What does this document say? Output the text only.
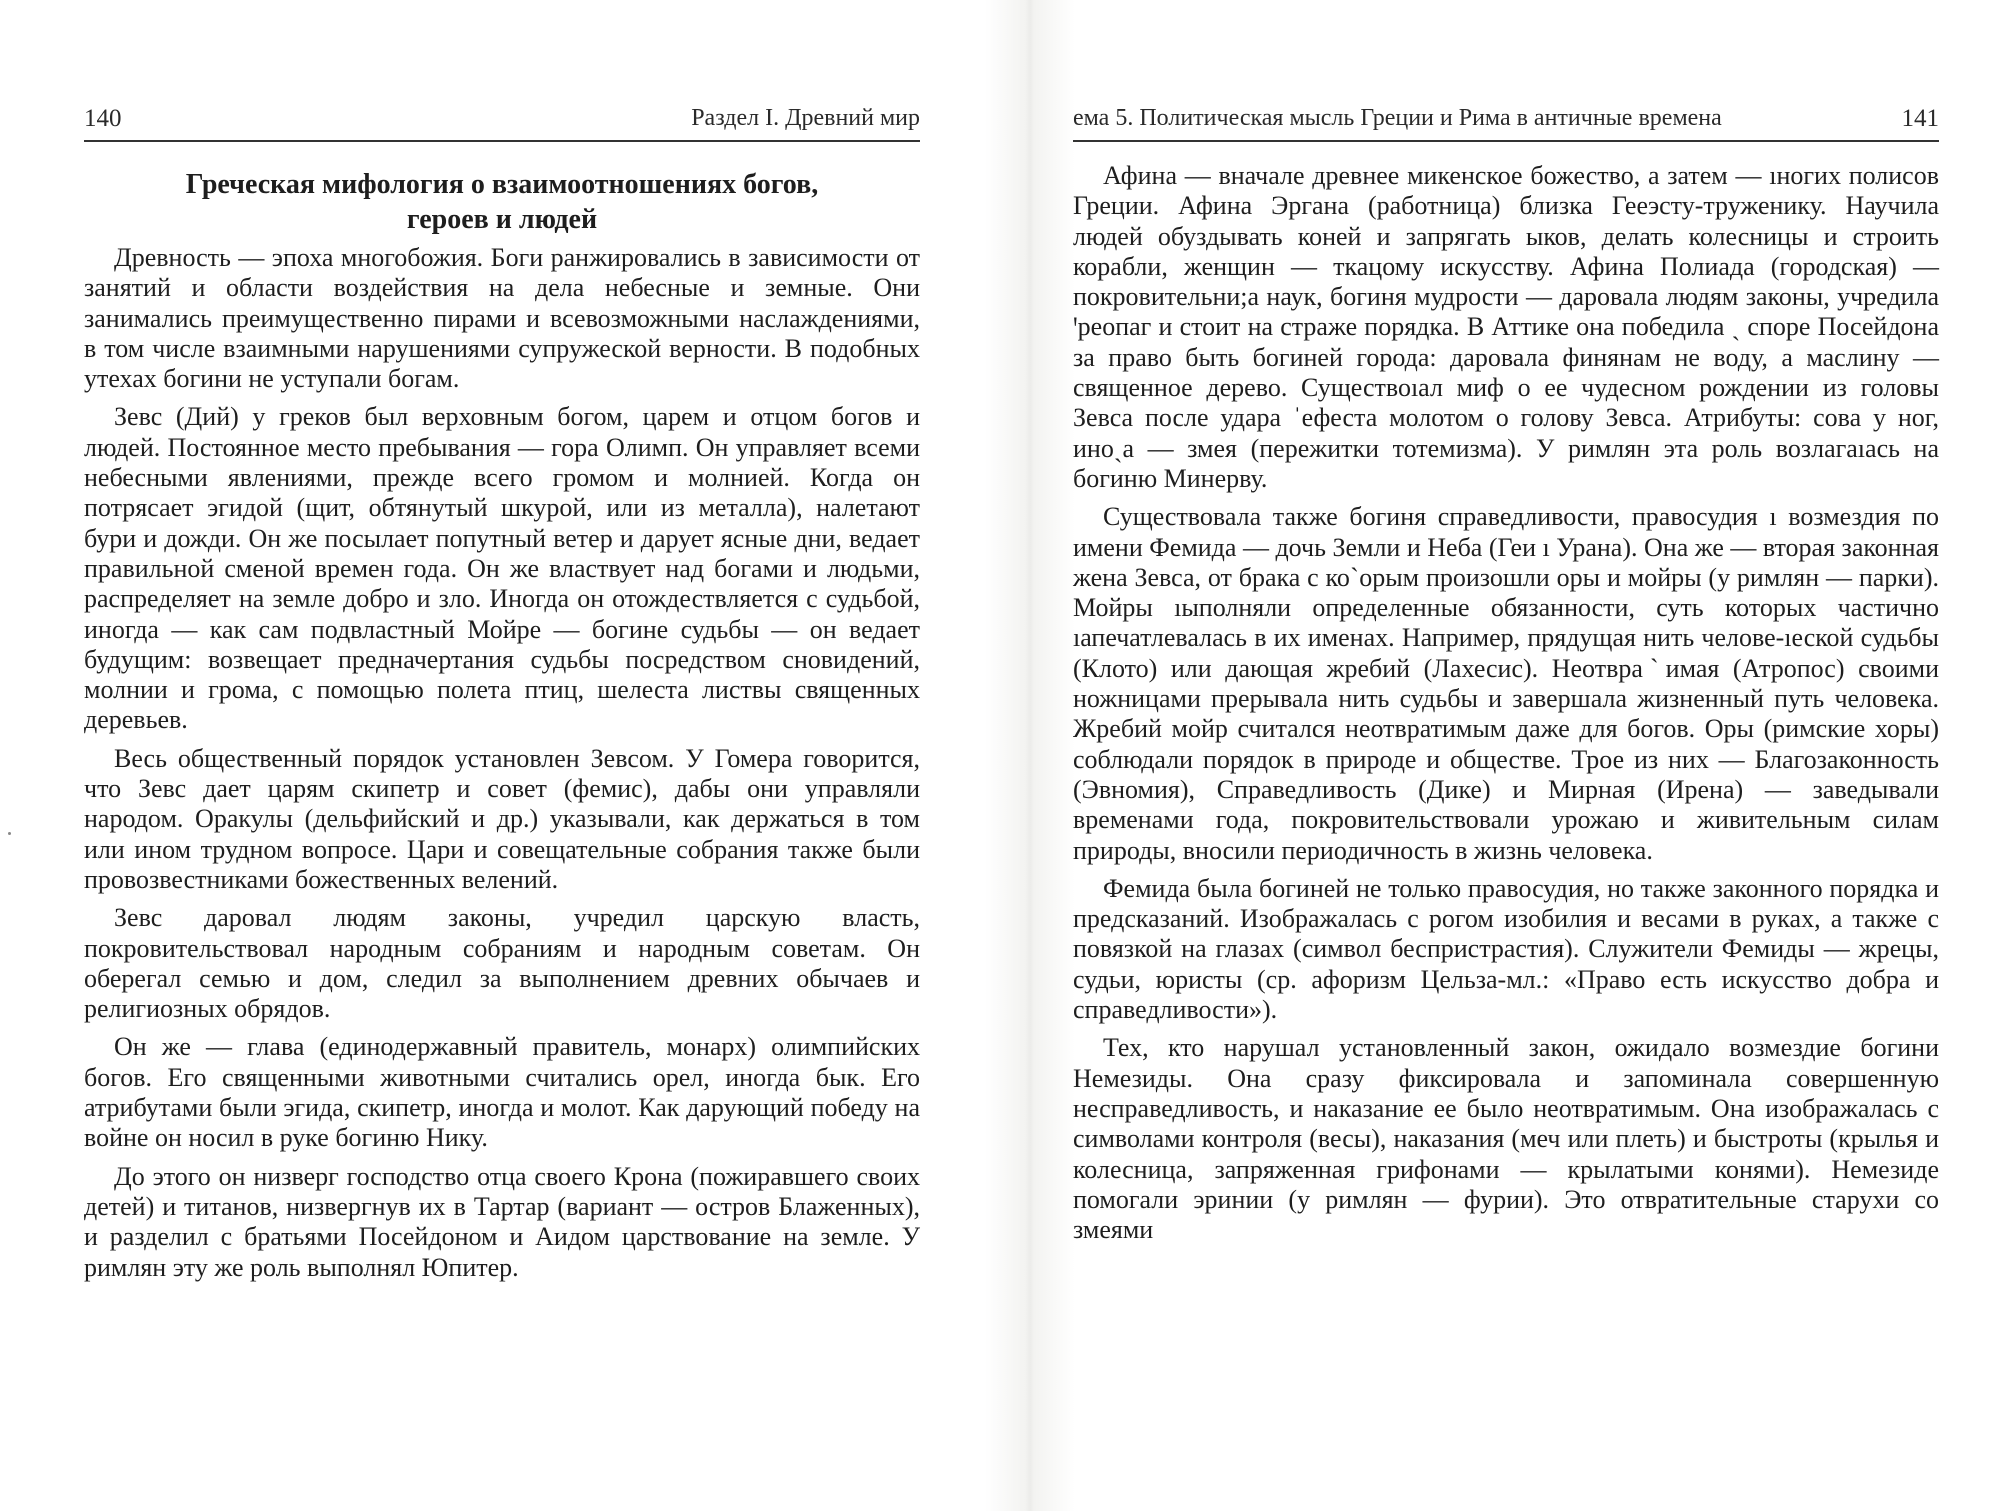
140	Раздел I. Древний мир
Греческая мифология о взаимоотношениях богов,
героев и людей

Древность — эпоха многобожия. Боги ранжировались в зависимости от занятий и области воздействия на дела небесные и земные. Они занимались преимущественно пирами и всевозможными наслаждениями, в том числе взаимными нарушениями супружеской верности. В подобных утехах богини не уступали богам.

Зевс (Дий) у греков был верховным богом, царем и отцом богов и людей. Постоянное место пребывания — гора Олимп. Он управляет всеми небесными явлениями, прежде всего громом и молнией. Когда он потрясает эгидой (щит, обтянутый шкурой, или из металла), налетают бури и дожди. Он же посылает попутный ветер и дарует ясные дни, ведает правильной сменой времен года. Он же властвует над богами и людьми, распределяет на земле добро и зло. Иногда он отождествляется с судьбой, иногда — как сам подвластный Мойре — богине судьбы — он ведает будущим: возвещает предначертания судьбы посредством сновидений, молнии и грома, с помощью полета птиц, шелеста листвы священных деревьев.

Весь общественный порядок установлен Зевсом. У Гомера говорится, что Зевс дает царям скипетр и совет (фемис), дабы они управляли народом. Оракулы (дельфийский и др.) указывали, как держаться в том или ином трудном вопросе. Цари и совещательные собрания также были провозвестниками божественных велений.

Зевс даровал людям законы, учредил царскую власть, покровительствовал народным собраниям и народным советам. Он оберегал семью и дом, следил за выполнением древних обычаев и религиозных обрядов.

Он же — глава (единодержавный правитель, монарх) олимпийских богов. Его священными животными считались орел, иногда бык. Его атрибутами были эгида, скипетр, иногда и молот. Как дарующий победу на войне он носил в руке богиню Нику.

До этого он низверг господство отца своего Крона (пожиравшего своих детей) и титанов, низвергнув их в Тартар (вариант — остров Блаженных), и разделил с братьями Посейдоном и Аидом царствование на земле. У римлян эту же роль выполнял Юпитер.

ема 5. Политическая мысль Греции и Рима в античные времена	141

Афина — вначале древнее микенское божество, а затем — ıногих полисов Греции. Афина Эргана (работница) близка Гееэсту-труженику. Научила людей обуздывать коней и запрягать ыков, делать колесницы и строить корабли, женщин — ткацому искусству. Афина Полиада (городская) — покровительни;а наук, богиня мудрости — даровала людям законы, учредила ꞌреопаг и стоит на страже порядка. В Аттике она победила ˎ споре Посейдона за право быть богиней города: даровала финянам не воду, а маслину — священное дерево. Существоıал миф о ее чудесном рождении из головы Зевса после удара ˈефеста молотом о голову Зевса. Атрибуты: сова у ног, иноˎа — змея (пережитки тотемизма). У римлян эта роль возлагаıась на богиню Минерву.

Существовала также богиня справедливости, правосудия ı возмездия по имени Фемида — дочь Земли и Неба (Геи ı Урана). Она же — вторая законная жена Зевса, от брака с коˋорым произошли оры и мойры (у римлян — парки). Мойры ıыполняли определенные обязанности, суть которых частично ıапечатлевалась в их именах. Например, прядущая нить челове-ıеской судьбы (Клото) или дающая жребий (Лахесис). Неотвраˋимая (Атропос) своими ножницами прерывала нить судьбы и завершала жизненный путь человека. Жребий мойр считался неотвратимым даже для богов. Оры (римские хоры) соблюдали порядок в природе и обществе. Трое из них — Благозаконность (Эвномия), Справедливость (Дике) и Мирная (Ирена) — заведывали временами года, покровительствовали урожаю и живительным силам природы, вносили периодичность в жизнь человека.

Фемида была богиней не только правосудия, но также законного порядка и предсказаний. Изображалась с рогом изобилия и весами в руках, а также с повязкой на глазах (символ беспристрастия). Служители Фемиды — жрецы, судьи, юристы (ср. афоризм Цельза-мл.: «Право есть искусство добра и справедливости»).

Тех, кто нарушал установленный закон, ожидало возмездие богини Немезиды. Она сразу фиксировала и запоминала совершенную несправедливость, и наказание ее было неотвратимым. Она изображалась с символами контроля (весы), наказания (меч или плеть) и быстроты (крылья и колесница, запряженная грифонами — крылатыми конями). Немезиде помогали эринии (у римлян — фурии). Это отвратительные старухи со змеями
